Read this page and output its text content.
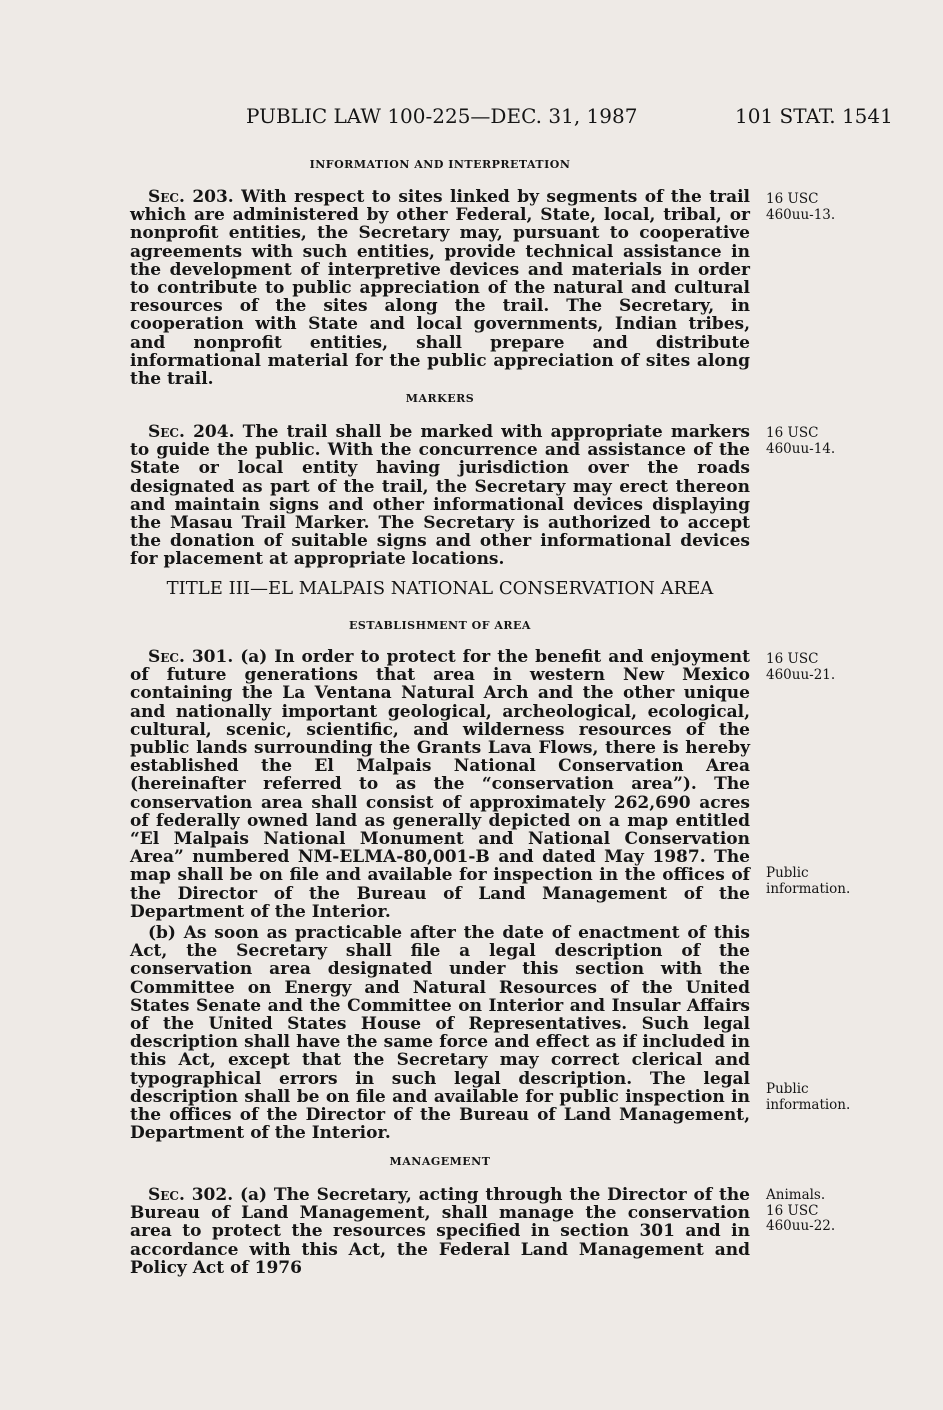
PUBLIC LAW 100-225—DEC. 31, 1987	101 STAT. 1541
INFORMATION AND INTERPRETATION

Sec. 203. With respect to sites linked by segments of the trail which are administered by other Federal, State, local, tribal, or nonprofit entities, the Secretary may, pursuant to cooperative agreements with such entities, provide technical assistance in the development of interpretive devices and materials in order to contribute to public appreciation of the natural and cultural resources of the sites along the trail. The Secretary, in cooperation with State and local governments, Indian tribes, and nonprofit entities, shall prepare and distribute informational material for the public appreciation of sites along the trail.

16 USC
460uu-13.
MARKERS

Sec. 204. The trail shall be marked with appropriate markers to guide the public. With the concurrence and assistance of the State or local entity having jurisdiction over the roads designated as part of the trail, the Secretary may erect thereon and maintain signs and other informational devices displaying the Masau Trail Marker. The Secretary is authorized to accept the donation of suitable signs and other informational devices for placement at appropriate locations.

16 USC
460uu-14.
TITLE III—EL MALPAIS NATIONAL CONSERVATION AREA
ESTABLISHMENT OF AREA

Sec. 301. (a) In order to protect for the benefit and enjoyment of future generations that area in western New Mexico containing the La Ventana Natural Arch and the other unique and nationally important geological, archeological, ecological, cultural, scenic, scientific, and wilderness resources of the public lands surrounding the Grants Lava Flows, there is hereby established the El Malpais National Conservation Area (hereinafter referred to as the “conservation area”). The conservation area shall consist of approximately 262,690 acres of federally owned land as generally depicted on a map entitled “El Malpais National Monument and National Conservation Area” numbered NM-ELMA-80,001-B and dated May 1987. The map shall be on file and available for inspection in the offices of the Director of the Bureau of Land Management of the Department of the Interior.

(b) As soon as practicable after the date of enactment of this Act, the Secretary shall file a legal description of the conservation area designated under this section with the Committee on Energy and Natural Resources of the United States Senate and the Committee on Interior and Insular Affairs of the United States House of Representatives. Such legal description shall have the same force and effect as if included in this Act, except that the Secretary may correct clerical and typographical errors in such legal description. The legal description shall be on file and available for public inspection in the offices of the Director of the Bureau of Land Management, Department of the Interior.

16 USC
460uu-21.
Public
information.
Public
information.
MANAGEMENT

Sec. 302. (a) The Secretary, acting through the Director of the Bureau of Land Management, shall manage the conservation area to protect the resources specified in section 301 and in accordance with this Act, the Federal Land Management and Policy Act of 1976

Animals.
16 USC
460uu-22.
